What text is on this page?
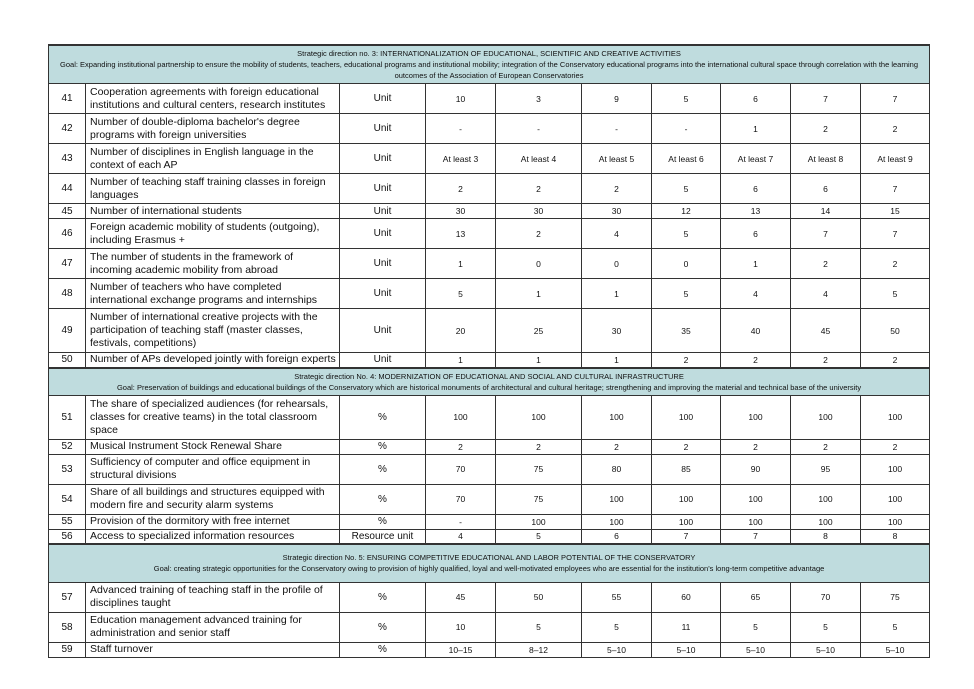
Strategic direction no. 3: INTERNATIONALIZATION OF EDUCATIONAL, SCIENTIFIC AND CREATIVE ACTIVITIES
Goal: Expanding institutional partnership to ensure the mobility of students, teachers, educational programs and institutional mobility; integration of the Conservatory educational programs into the international cultural space through correlation with the learning outcomes of the Association of European Conservatories									

41	Cooperation agreements with foreign educational institutions and cultural centers, research institutes	Unit	10	3	9	5	6	7	7
42	Number of double-diploma bachelor's degree programs with foreign universities	Unit	-	-	-	-	1	2	2
43	Number of disciplines in English language in the context of each AP	Unit	At least 3	At least 4	At least 5	At least 6	At least 7	At least 8	At least 9
44	Number of teaching staff training classes in foreign languages	Unit	2	2	2	5	6	6	7
45	Number of international students	Unit	30	30	30	12	13	14	15
46	Foreign academic mobility of students (outgoing), including Erasmus +	Unit	13	2	4	5	6	7	7
47	The number of students in the framework of incoming academic mobility from abroad	Unit	1	0	0	0	1	2	2
48	Number of teachers who have completed international exchange programs and internships	Unit	5	1	1	5	4	4	5
49	Number of international creative projects with the participation of teaching staff (master classes, festivals, competitions)	Unit	20	25	30	35	40	45	50
50	Number of APs developed jointly with foreign experts	Unit	1	1	1	2	2	2	2

Strategic direction No. 4: MODERNIZATION OF EDUCATIONAL AND SOCIAL AND CULTURAL INFRASTRUCTURE
Goal: Preservation of buildings and educational buildings of the Conservatory which are historical monuments of architectural and cultural heritage; strengthening and improving the material and technical base of the university									

51	The share of specialized audiences (for rehearsals, classes for creative teams) in the total classroom space	%	100	100	100	100	100	100	100
52	Musical Instrument Stock Renewal Share	%	2	2	2	2	2	2	2
53	Sufficiency of computer and office equipment in structural divisions	%	70	75	80	85	90	95	100
54	Share of all buildings and structures equipped with modern fire and security alarm systems	%	70	75	100	100	100	100	100
55	Provision of the dormitory with free internet	%	-	100	100	100	100	100	100
56	Access to specialized information resources	Resource unit	4	5	6	7	7	8	8

Strategic direction No. 5: ENSURING COMPETITIVE EDUCATIONAL AND LABOR POTENTIAL OF THE CONSERVATORY
Goal: creating strategic opportunities for the Conservatory owing to provision of highly qualified, loyal and well-motivated employees who are essential for the institution's long-term competitive advantage									

57	Advanced training of teaching staff in the profile of disciplines taught	%	45	50	55	60	65	70	75
58	Education management advanced training for administration and senior staff	%	10	5	5	11	5	5	5
59	Staff turnover	%	10–15	8–12	5–10	5–10	5–10	5–10	5–10
